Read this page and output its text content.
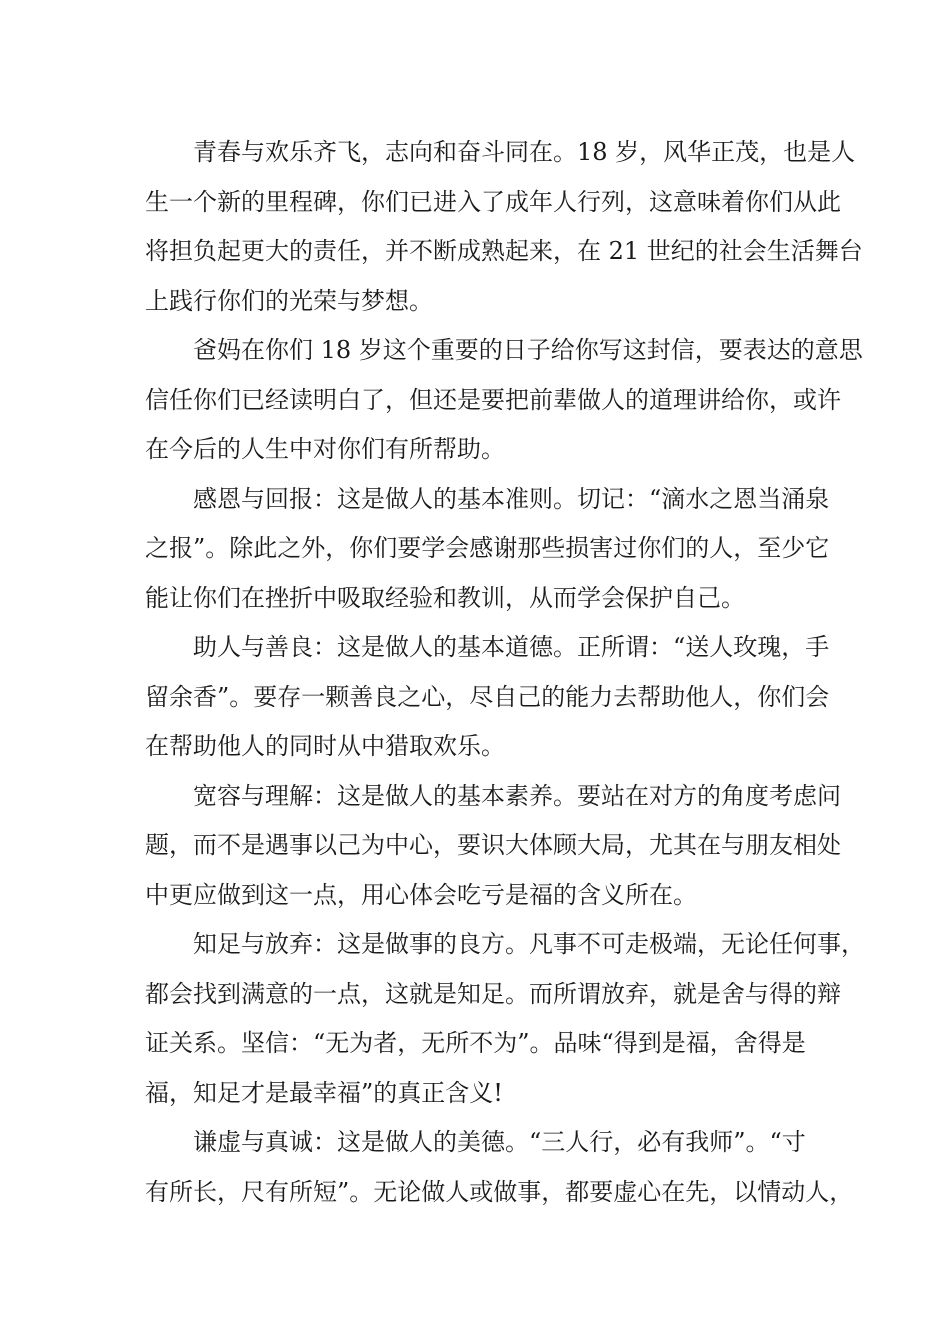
青春与欢乐齐飞，志向和奋斗同在。18 岁，风华正茂，也是人
生一个新的里程碑，你们已进入了成年人行列，这意味着你们从此
将担负起更大的责任，并不断成熟起来，在 21 世纪的社会生活舞台
上践行你们的光荣与梦想。
爸妈在你们 18 岁这个重要的日子给你写这封信，要表达的意思
信任你们已经读明白了，但还是要把前辈做人的道理讲给你，或许
在今后的人生中对你们有所帮助。
感恩与回报：这是做人的基本准则。切记：“滴水之恩当涌泉
之报”。除此之外，你们要学会感谢那些损害过你们的人，至少它
能让你们在挫折中吸取经验和教训，从而学会保护自己。
助人与善良：这是做人的基本道德。正所谓：“送人玫瑰，手
留余香”。要存一颗善良之心，尽自己的能力去帮助他人，你们会
在帮助他人的同时从中猎取欢乐。
宽容与理解：这是做人的基本素养。要站在对方的角度考虑问
题，而不是遇事以己为中心，要识大体顾大局，尤其在与朋友相处
中更应做到这一点，用心体会吃亏是福的含义所在。
知足与放弃：这是做事的良方。凡事不可走极端，无论任何事，
都会找到满意的一点，这就是知足。而所谓放弃，就是舍与得的辩
证关系。坚信：“无为者，无所不为”。品味“得到是福，舍得是
福，知足才是最幸福”的真正含义!
谦虚与真诚：这是做人的美德。“三人行，必有我师”。“寸
有所长，尺有所短”。无论做人或做事，都要虚心在先，以情动人，
